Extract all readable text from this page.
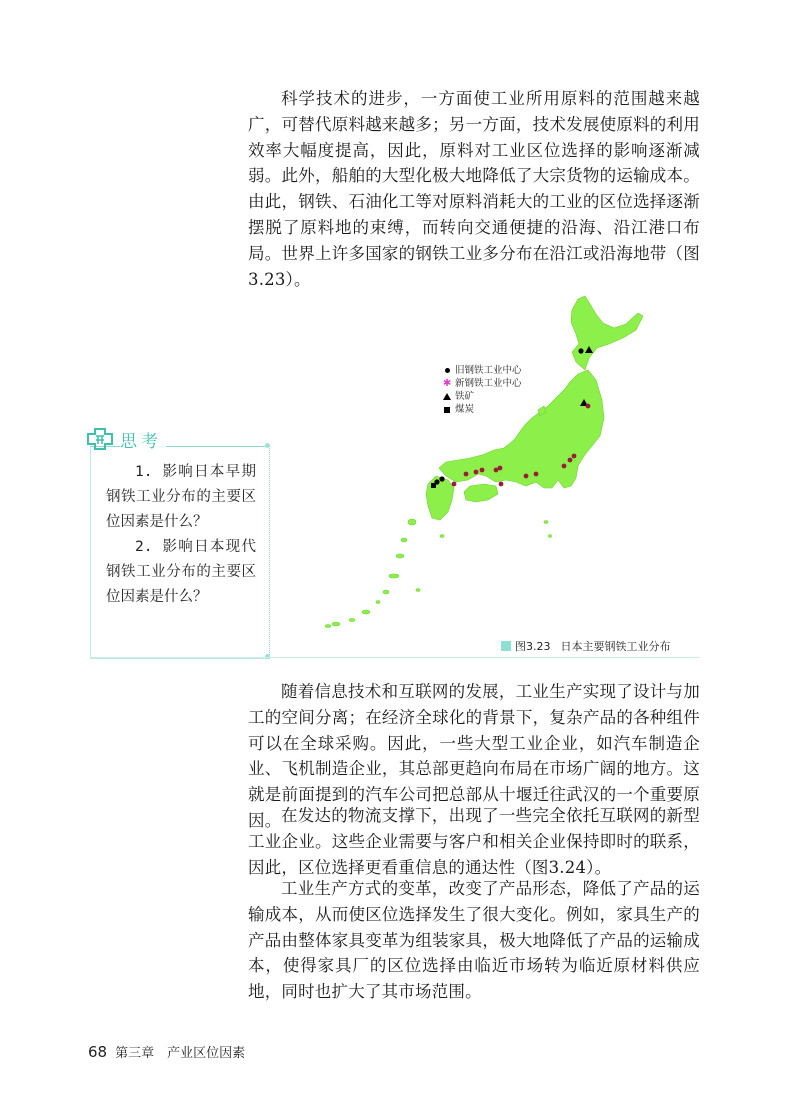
科学技术的进步，一方面使工业所用原料的范围越来越广，可替代原料越来越多；另一方面，技术发展使原料的利用效率大幅度提高，因此，原料对工业区位选择的影响逐渐减弱。此外，船舶的大型化极大地降低了大宗货物的运输成本。由此，钢铁、石油化工等对原料消耗大的工业的区位选择逐渐摆脱了原料地的束缚，而转向交通便捷的沿海、沿江港口布局。世界上许多国家的钢铁工业多分布在沿江或沿海地带（图3.23）。

思考

1. 影响日本早期钢铁工业分布的主要区位因素是什么？

2. 影响日本现代钢铁工业分布的主要区位因素是什么？

旧钢铁工业中心
✱ 新钢铁工业中心
铁矿
煤炭
图3.23 日本主要钢铁工业分布

随着信息技术和互联网的发展，工业生产实现了设计与加工的空间分离；在经济全球化的背景下，复杂产品的各种组件可以在全球采购。因此，一些大型工业企业，如汽车制造企业、飞机制造企业，其总部更趋向布局在市场广阔的地方。这就是前面提到的汽车公司把总部从十堰迁往武汉的一个重要原因。 在发达的物流支撑下，出现了一些完全依托互联网的新型工业企业。这些企业需要与客户和相关企业保持即时的联系，因此，区位选择更看重信息的通达性（图3.24）。

工业生产方式的变革，改变了产品形态，降低了产品的运输成本，从而使区位选择发生了很大变化。例如，家具生产的产品由整体家具变革为组装家具，极大地降低了产品的运输成本，使得家具厂的区位选择由临近市场转为临近原材料供应地，同时也扩大了其市场范围。

68 第三章　产业区位因素
